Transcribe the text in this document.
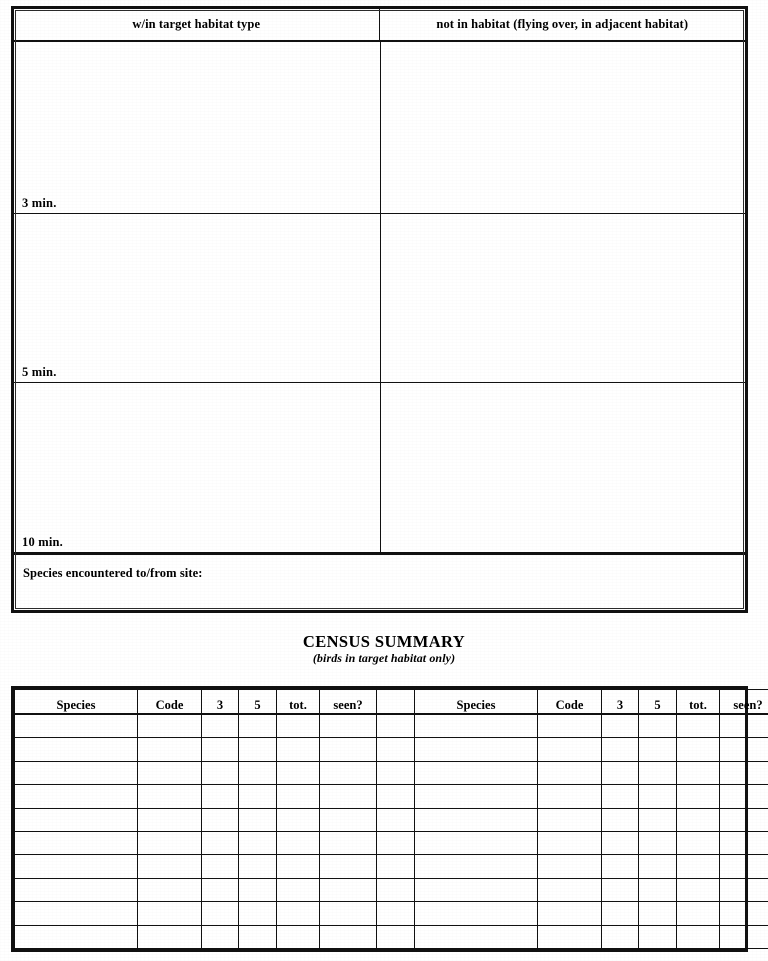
w/in target habitat type	not in habitat (flying over, in adjacent habitat)
3 min.
5 min.
10 min.
Species encountered to/from site:
CENSUS SUMMARY
(birds in target habitat only)
Species	Code	3	5	tot.	seen?		Species	Code	3	5	tot.	seen?
